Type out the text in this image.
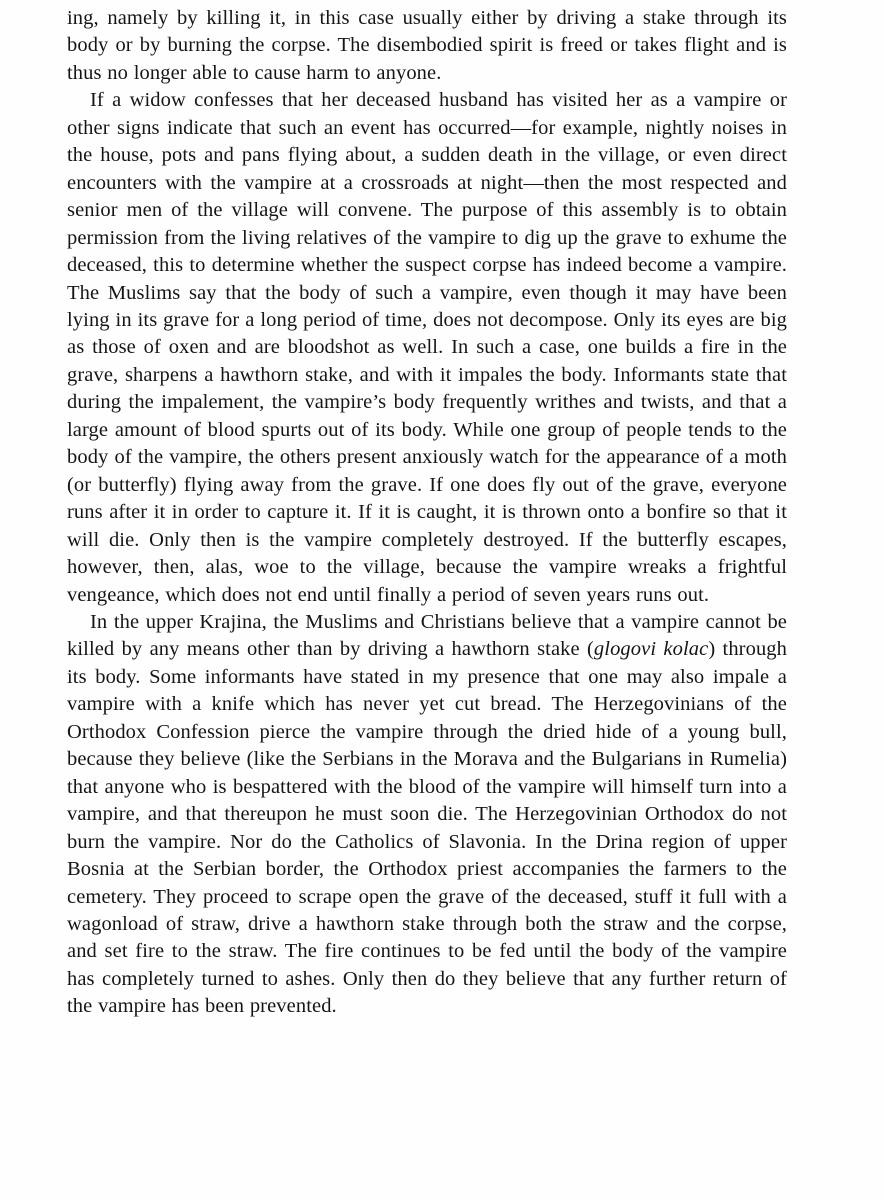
ing, namely by killing it, in this case usually either by driving a stake through its body or by burning the corpse. The disembodied spirit is freed or takes flight and is thus no longer able to cause harm to anyone.

If a widow confesses that her deceased husband has visited her as a vampire or other signs indicate that such an event has occurred—for example, nightly noises in the house, pots and pans flying about, a sudden death in the village, or even direct encounters with the vampire at a crossroads at night—then the most respected and senior men of the village will convene. The purpose of this assembly is to obtain permission from the living relatives of the vampire to dig up the grave to exhume the deceased, this to determine whether the suspect corpse has indeed become a vampire. The Muslims say that the body of such a vampire, even though it may have been lying in its grave for a long period of time, does not decompose. Only its eyes are big as those of oxen and are bloodshot as well. In such a case, one builds a fire in the grave, sharpens a hawthorn stake, and with it impales the body. Informants state that during the impalement, the vampire’s body frequently writhes and twists, and that a large amount of blood spurts out of its body. While one group of people tends to the body of the vampire, the others present anxiously watch for the appearance of a moth (or butterfly) flying away from the grave. If one does fly out of the grave, everyone runs after it in order to capture it. If it is caught, it is thrown onto a bonfire so that it will die. Only then is the vampire completely destroyed. If the butterfly escapes, however, then, alas, woe to the village, because the vampire wreaks a frightful vengeance, which does not end until finally a period of seven years runs out.

In the upper Krajina, the Muslims and Christians believe that a vampire cannot be killed by any means other than by driving a hawthorn stake (glogovi kolac) through its body. Some informants have stated in my presence that one may also impale a vampire with a knife which has never yet cut bread. The Herzegovinians of the Orthodox Confession pierce the vampire through the dried hide of a young bull, because they believe (like the Serbians in the Morava and the Bulgarians in Rumelia) that anyone who is bespattered with the blood of the vampire will himself turn into a vampire, and that thereupon he must soon die. The Herzegovinian Orthodox do not burn the vampire. Nor do the Catholics of Slavonia. In the Drina region of upper Bosnia at the Serbian border, the Orthodox priest accompanies the farmers to the cemetery. They proceed to scrape open the grave of the deceased, stuff it full with a wagonload of straw, drive a hawthorn stake through both the straw and the corpse, and set fire to the straw. The fire continues to be fed until the body of the vampire has completely turned to ashes. Only then do they believe that any further return of the vampire has been prevented.
